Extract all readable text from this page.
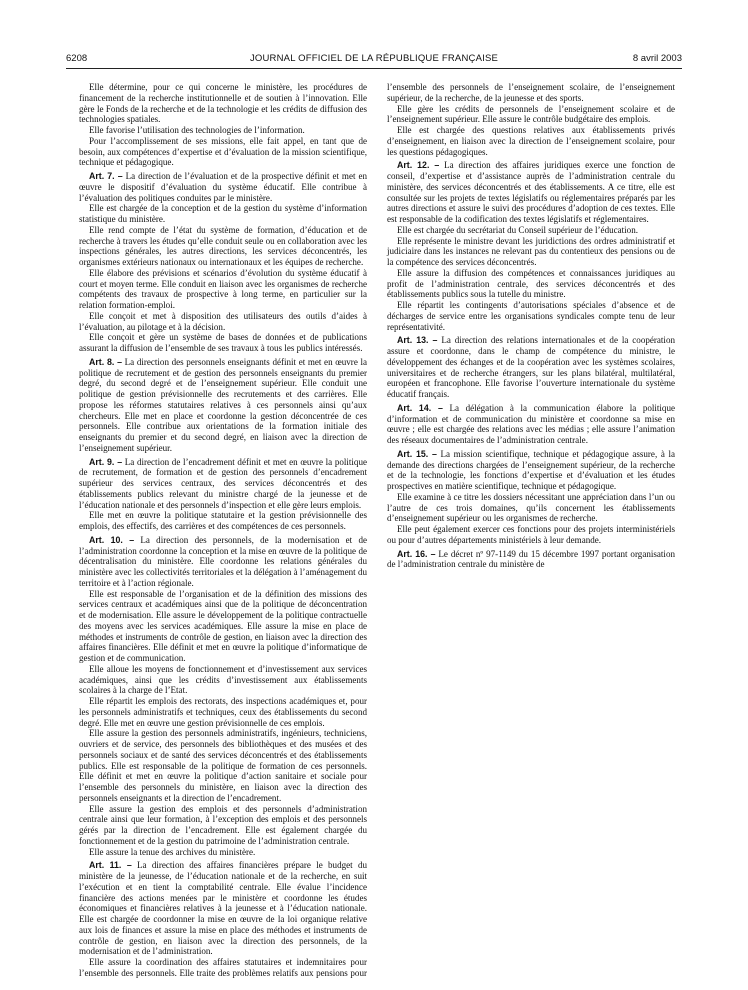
6208	JOURNAL OFFICIEL DE LA RÉPUBLIQUE FRANÇAISE	8 avril 2003

Elle détermine, pour ce qui concerne le ministère, les procédures de financement de la recherche institutionnelle et de soutien à l’innovation. Elle gère le Fonds de la recherche et de la technologie et les crédits de diffusion des technologies spatiales.

Elle favorise l’utilisation des technologies de l’information.

Pour l’accomplissement de ses missions, elle fait appel, en tant que de besoin, aux compétences d’expertise et d’évaluation de la mission scientifique, technique et pédagogique.

Art. 7. – La direction de l’évaluation et de la prospective définit et met en œuvre le dispositif d’évaluation du système éducatif. Elle contribue à l’évaluation des politiques conduites par le ministère.

Elle est chargée de la conception et de la gestion du système d’information statistique du ministère.

Elle rend compte de l’état du système de formation, d’éducation et de recherche à travers les études qu’elle conduit seule ou en collaboration avec les inspections générales, les autres directions, les services déconcentrés, les organismes extérieurs nationaux ou internationaux et les équipes de recherche.

Elle élabore des prévisions et scénarios d’évolution du système éducatif à court et moyen terme. Elle conduit en liaison avec les organismes de recherche compétents des travaux de prospective à long terme, en particulier sur la relation formation-emploi.

Elle conçoit et met à disposition des utilisateurs des outils d’aides à l’évaluation, au pilotage et à la décision.

Elle conçoit et gère un système de bases de données et de publications assurant la diffusion de l’ensemble de ses travaux à tous les publics intéressés.

Art. 8. – La direction des personnels enseignants définit et met en œuvre la politique de recrutement et de gestion des personnels enseignants du premier degré, du second degré et de l’enseignement supérieur. Elle conduit une politique de gestion prévisionnelle des recrutements et des carrières. Elle propose les réformes statutaires relatives à ces personnels ainsi qu’aux chercheurs. Elle met en place et coordonne la gestion déconcentrée de ces personnels. Elle contribue aux orientations de la formation initiale des enseignants du premier et du second degré, en liaison avec la direction de l’enseignement supérieur.

Art. 9. – La direction de l’encadrement définit et met en œuvre la politique de recrutement, de formation et de gestion des personnels d’encadrement supérieur des services centraux, des services déconcentrés et des établissements publics relevant du ministre chargé de la jeunesse et de l’éducation nationale et des personnels d’inspection et elle gère leurs emplois.

Elle met en œuvre la politique statutaire et la gestion prévisionnelle des emplois, des effectifs, des carrières et des compétences de ces personnels.

Art. 10. – La direction des personnels, de la modernisation et de l’administration coordonne la conception et la mise en œuvre de la politique de décentralisation du ministère. Elle coordonne les relations générales du ministère avec les collectivités territoriales et la délégation à l’aménagement du territoire et à l’action régionale.

Elle est responsable de l’organisation et de la définition des missions des services centraux et académiques ainsi que de la politique de déconcentration et de modernisation. Elle assure le développement de la politique contractuelle des moyens avec les services académiques. Elle assure la mise en place de méthodes et instruments de contrôle de gestion, en liaison avec la direction des affaires financières. Elle définit et met en œuvre la politique d’informatique de gestion et de communication.

Elle alloue les moyens de fonctionnement et d’investissement aux services académiques, ainsi que les crédits d’investissement aux établissements scolaires à la charge de l’Etat.

Elle répartit les emplois des rectorats, des inspections académiques et, pour les personnels administratifs et techniques, ceux des établissements du second degré. Elle met en œuvre une gestion prévisionnelle de ces emplois.

Elle assure la gestion des personnels administratifs, ingénieurs, techniciens, ouvriers et de service, des personnels des bibliothèques et des musées et des personnels sociaux et de santé des services déconcentrés et des établissements publics. Elle est responsable de la politique de formation de ces personnels. Elle définit et met en œuvre la politique d’action sanitaire et sociale pour l’ensemble des personnels du ministère, en liaison avec la direction des personnels enseignants et la direction de l’encadrement.

Elle assure la gestion des emplois et des personnels d’administration centrale ainsi que leur formation, à l’exception des emplois et des personnels gérés par la direction de l’encadrement. Elle est également chargée du fonctionnement et de la gestion du patrimoine de l’administration centrale.

Elle assure la tenue des archives du ministère.

Art. 11. – La direction des affaires financières prépare le budget du ministère de la jeunesse, de l’éducation nationale et de la recherche, en suit l’exécution et en tient la comptabilité centrale. Elle évalue l’incidence financière des actions menées par le ministère et coordonne les études économiques et financières relatives à la jeunesse et à l’éducation nationale. Elle est chargée de coordonner la mise en œuvre de la loi organique relative aux lois de finances et assure la mise en place des méthodes et instruments de contrôle de gestion, en liaison avec la direction des personnels, de la modernisation et de l’administration.

Elle assure la coordination des affaires statutaires et indemnitaires pour l’ensemble des personnels. Elle traite des problèmes relatifs aux pensions pour l’ensemble des personnels de l’enseignement scolaire, de l’enseignement supérieur, de la recherche, de la jeunesse et des sports.

Elle gère les crédits de personnels de l’enseignement scolaire et de l’enseignement supérieur. Elle assure le contrôle budgétaire des emplois.

Elle est chargée des questions relatives aux établissements privés d’enseignement, en liaison avec la direction de l’enseignement scolaire, pour les questions pédagogiques.

Art. 12. – La direction des affaires juridiques exerce une fonction de conseil, d’expertise et d’assistance auprès de l’administration centrale du ministère, des services déconcentrés et des établissements. A ce titre, elle est consultée sur les projets de textes législatifs ou réglementaires préparés par les autres directions et assure le suivi des procédures d’adoption de ces textes. Elle est responsable de la codification des textes législatifs et réglementaires.

Elle est chargée du secrétariat du Conseil supérieur de l’éducation.

Elle représente le ministre devant les juridictions des ordres administratif et judiciaire dans les instances ne relevant pas du contentieux des pensions ou de la compétence des services déconcentrés.

Elle assure la diffusion des compétences et connaissances juridiques au profit de l’administration centrale, des services déconcentrés et des établissements publics sous la tutelle du ministre.

Elle répartit les contingents d’autorisations spéciales d’absence et de décharges de service entre les organisations syndicales compte tenu de leur représentativité.

Art. 13. – La direction des relations internationales et de la coopération assure et coordonne, dans le champ de compétence du ministre, le développement des échanges et de la coopération avec les systèmes scolaires, universitaires et de recherche étrangers, sur les plans bilatéral, multilatéral, européen et francophone. Elle favorise l’ouverture internationale du système éducatif français.

Art. 14. – La délégation à la communication élabore la politique d’information et de communication du ministère et coordonne sa mise en œuvre ; elle est chargée des relations avec les médias ; elle assure l’animation des réseaux documentaires de l’administration centrale.

Art. 15. – La mission scientifique, technique et pédagogique assure, à la demande des directions chargées de l’enseignement supérieur, de la recherche et de la technologie, les fonctions d’expertise et d’évaluation et les études prospectives en matière scientifique, technique et pédagogique.

Elle examine à ce titre les dossiers nécessitant une appréciation dans l’un ou l’autre de ces trois domaines, qu’ils concernent les établissements d’enseignement supérieur ou les organismes de recherche.

Elle peut également exercer ces fonctions pour des projets interministériels ou pour d’autres départements ministériels à leur demande.

Art. 16. – Le décret nº 97-1149 du 15 décembre 1997 portant organisation de l’administration centrale du ministère de
